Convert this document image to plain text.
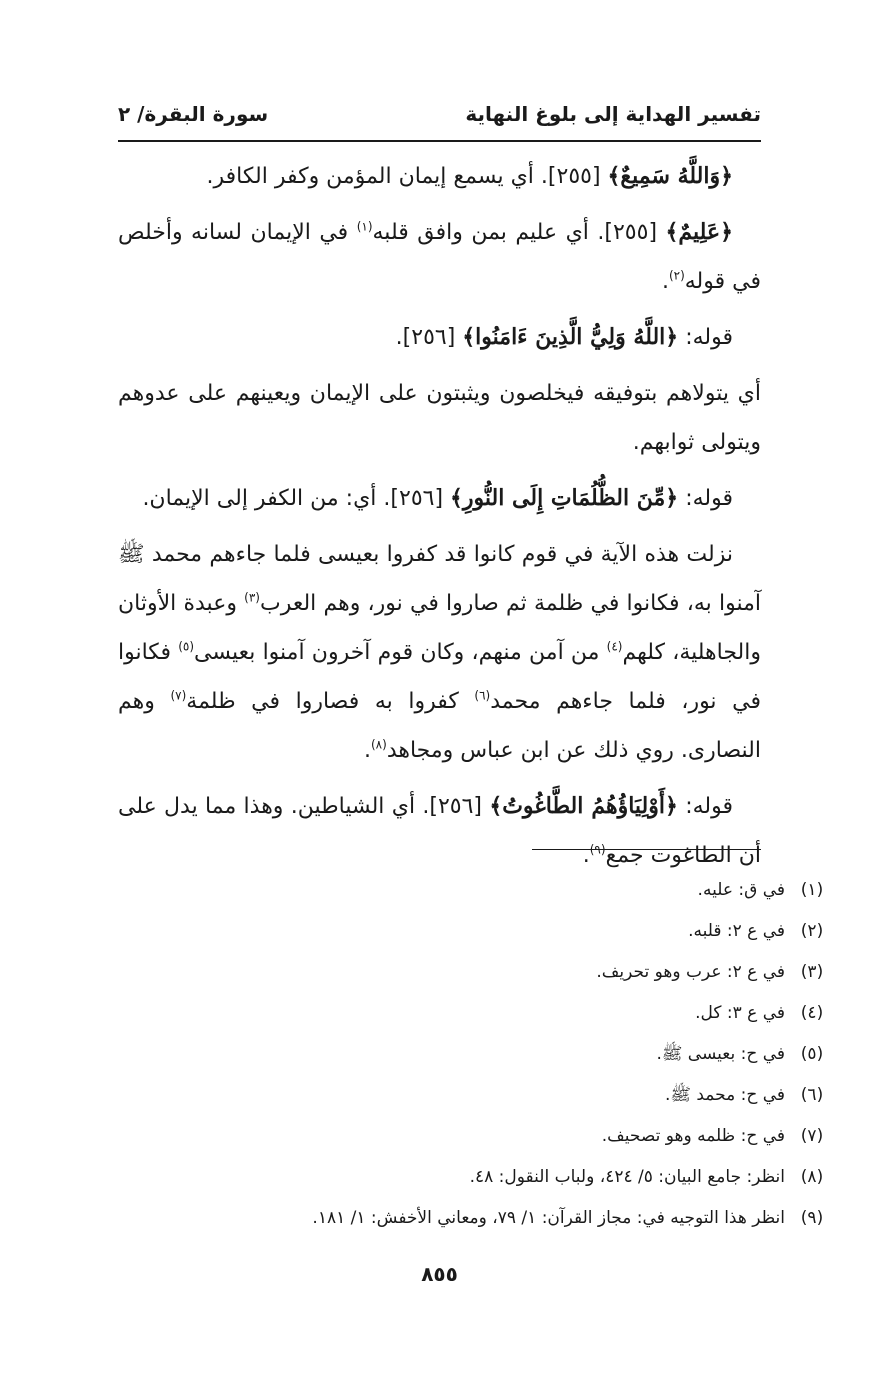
تفسير الهداية إلى بلوغ النهاية
سورة البقرة/ ٢

﴿وَاللَّهُ سَمِيعٌ﴾ [٢٥٥]. أي يسمع إيمان المؤمن وكفر الكافر.

﴿عَلِيمٌ﴾ [٢٥٥]. أي عليم بمن وافق قلبه$^{(١)}$ في الإيمان لسانه وأخلص في قوله$^{(٢)}$.

قوله: ﴿اللَّهُ وَلِيُّ الَّذِينَ ءَامَنُوا﴾ [٢٥٦].

أي يتولاهم بتوفيقه فيخلصون ويثبتون على الإيمان ويعينهم على عدوهم ويتولى ثوابهم.

قوله: ﴿مِّنَ الظُّلُمَاتِ إِلَى النُّورِ﴾ [٢٥٦]. أي: من الكفر إلى الإيمان.

نزلت هذه الآية في قوم كانوا قد كفروا بعيسى فلما جاءهم محمد ﷺ آمنوا به، فكانوا في ظلمة ثم صاروا في نور، وهم العرب$^{(٣)}$ وعبدة الأوثان والجاهلية، كلهم$^{(٤)}$ من آمن منهم، وكان قوم آخرون آمنوا بعيسى$^{(٥)}$ فكانوا في نور، فلما جاءهم محمد$^{(٦)}$ كفروا به فصاروا في ظلمة$^{(٧)}$ وهم النصارى. روي ذلك عن ابن عباس ومجاهد$^{(٨)}$.

قوله: ﴿أَوْلِيَاؤُهُمُ الطَّاغُوتُ﴾ [٢٥٦]. أي الشياطين. وهذا مما يدل على أن الطاغوت جمع$^{(٩)}$.

(١)
في ق: عليه.
(٢)
في ع ٢: قلبه.
(٣)
في ع ٢: عرب وهو تحريف.
(٤)
في ع ٣: كل.
(٥)
في ح: بعيسى ﷺ.
(٦)
في ح: محمد ﷺ.
(٧)
في ح: ظلمه وهو تصحيف.
(٨)
انظر: جامع البيان: ٥/ ٤٢٤، ولباب النقول: ٤٨.
(٩)
انظر هذا التوجيه في: مجاز القرآن: ١/ ٧٩، ومعاني الأخفش: ١/ ١٨١.
٨٥٥
